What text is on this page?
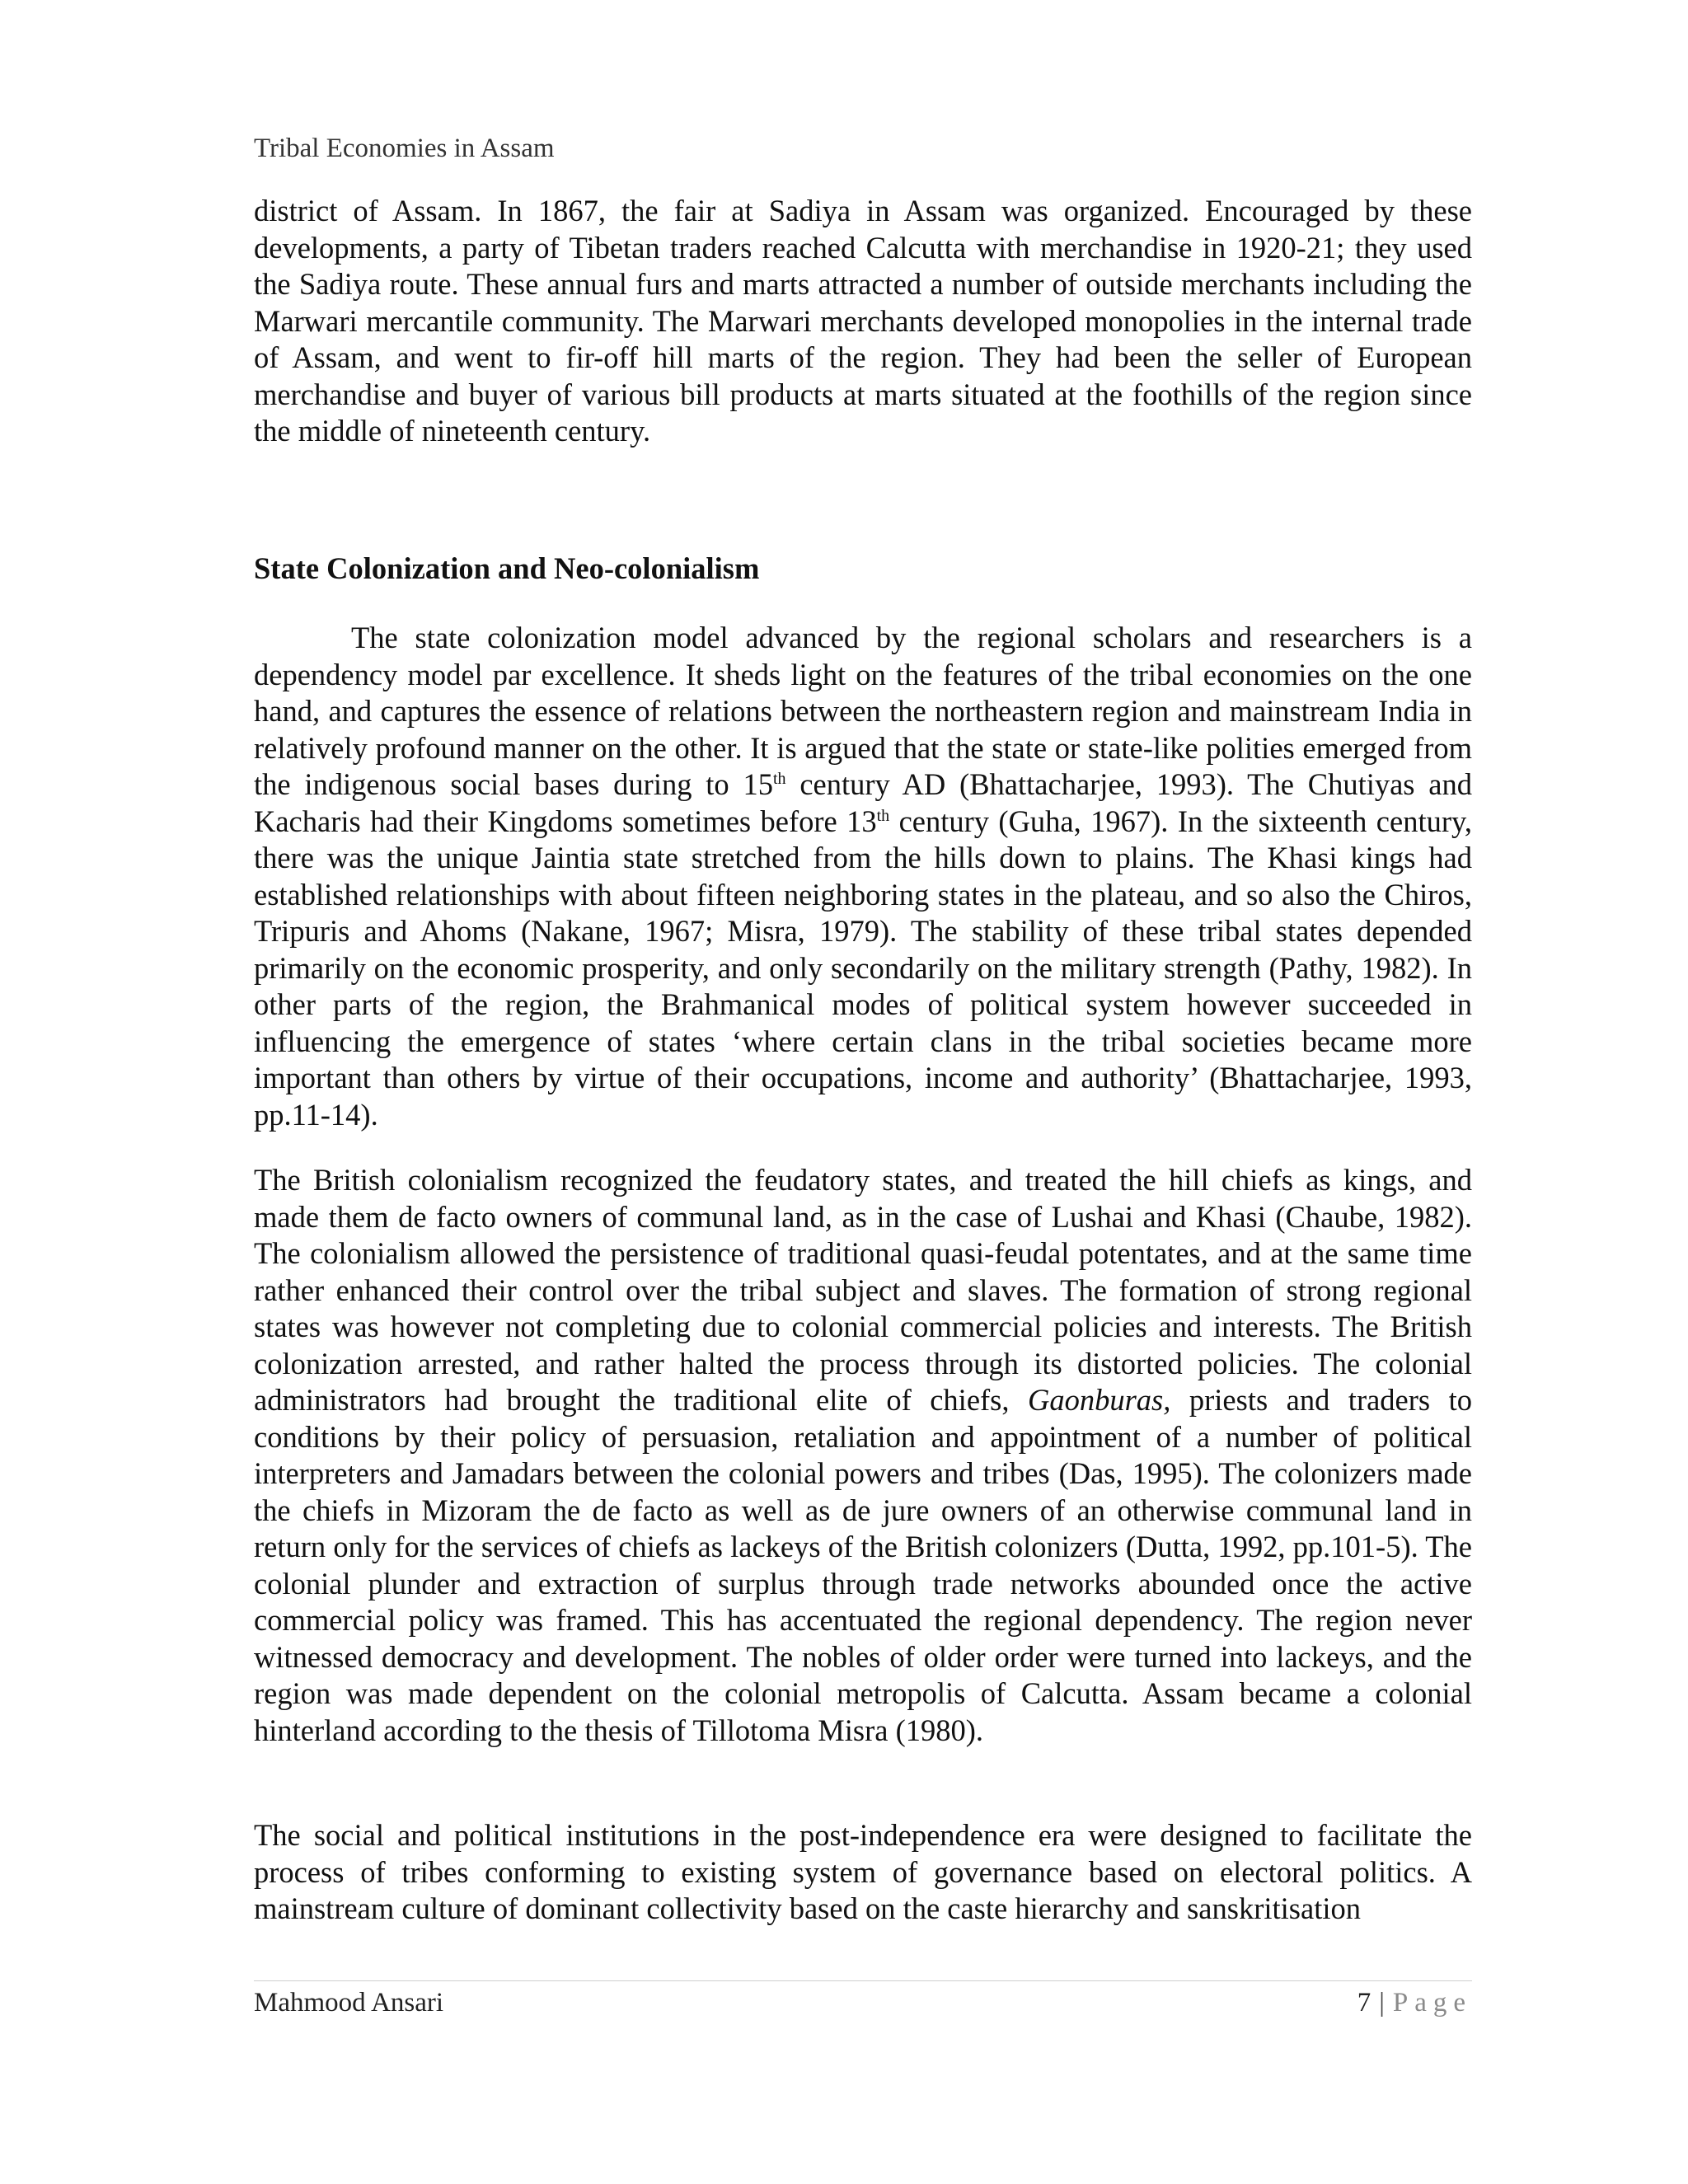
Tribal Economies in Assam

district of Assam. In 1867, the fair at Sadiya in Assam was organized. Encouraged by these developments, a party of Tibetan traders reached Calcutta with merchandise in 1920-21; they used the Sadiya route. These annual furs and marts attracted a number of outside merchants including the Marwari mercantile community. The Marwari merchants developed monopolies in the internal trade of Assam, and went to fir-off hill marts of the region. They had been the seller of European merchandise and buyer of various bill products at marts situated at the foothills of the region since the middle of nineteenth century.

State Colonization and Neo-colonialism

The state colonization model advanced by the regional scholars and researchers is a dependency model par excellence. It sheds light on the features of the tribal economies on the one hand, and captures the essence of relations between the northeastern region and mainstream India in relatively profound manner on the other. It is argued that the state or state-like polities emerged from the indigenous social bases during to 15th century AD (Bhattacharjee, 1993). The Chutiyas and Kacharis had their Kingdoms sometimes before 13th century (Guha, 1967). In the sixteenth century, there was the unique Jaintia state stretched from the hills down to plains. The Khasi kings had established relationships with about fifteen neighboring states in the plateau, and so also the Chiros, Tripuris and Ahoms (Nakane, 1967; Misra, 1979). The stability of these tribal states depended primarily on the economic prosperity, and only secondarily on the military strength (Pathy, 1982). In other parts of the region, the Brahmanical modes of political system however succeeded in influencing the emergence of states ‘where certain clans in the tribal societies became more important than others by virtue of their occupations, income and authority’ (Bhattacharjee, 1993, pp.11-14).

The British colonialism recognized the feudatory states, and treated the hill chiefs as kings, and made them de facto owners of communal land, as in the case of Lushai and Khasi (Chaube, 1982). The colonialism allowed the persistence of traditional quasi-feudal potentates, and at the same time rather enhanced their control over the tribal subject and slaves. The formation of strong regional states was however not completing due to colonial commercial policies and interests. The British colonization arrested, and rather halted the process through its distorted policies. The colonial administrators had brought the traditional elite of chiefs, Gaonburas, priests and traders to conditions by their policy of persuasion, retaliation and appointment of a number of political interpreters and Jamadars between the colonial powers and tribes (Das, 1995). The colonizers made the chiefs in Mizoram the de facto as well as de jure owners of an otherwise communal land in return only for the services of chiefs as lackeys of the British colonizers (Dutta, 1992, pp.101-5). The colonial plunder and extraction of surplus through trade networks abounded once the active commercial policy was framed. This has accentuated the regional dependency. The region never witnessed democracy and development. The nobles of older order were turned into lackeys, and the region was made dependent on the colonial metropolis of Calcutta. Assam became a colonial hinterland according to the thesis of Tillotoma Misra (1980).

The social and political institutions in the post-independence era were designed to facilitate the process of tribes conforming to existing system of governance based on electoral politics. A mainstream culture of dominant collectivity based on the caste hierarchy and sanskritisation

Mahmood Ansari	7 | Page
